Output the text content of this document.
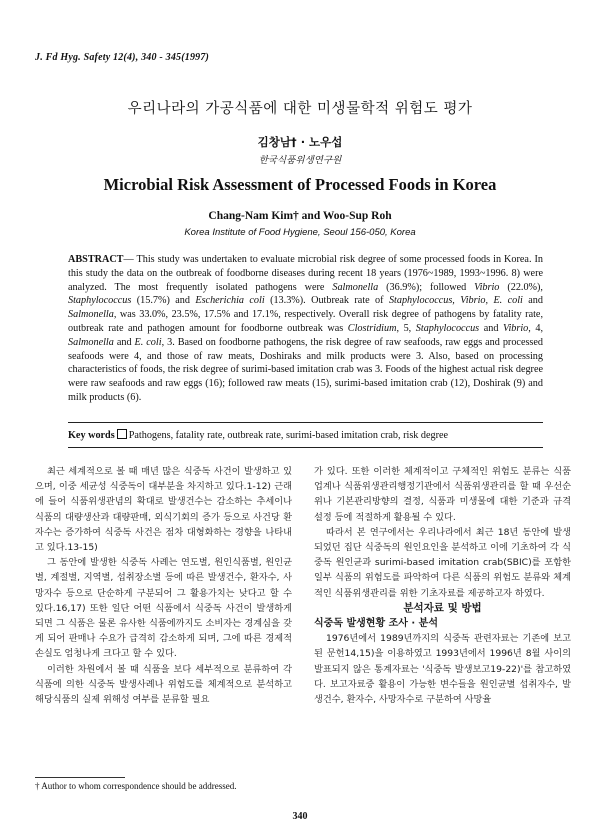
J. Fd Hyg. Safety 12(4), 340 - 345(1997)
우리나라의 가공식품에 대한 미생물학적 위험도 평가
김창남† · 노우섭
한국식품위생연구원
Microbial Risk Assessment of Processed Foods in Korea
Chang-Nam Kim† and Woo-Sup Roh
Korea Institute of Food Hygiene, Seoul 156-050, Korea
ABSTRACT— This study was undertaken to evaluate microbial risk degree of some processed foods in Korea. In this study the data on the outbreak of foodborne diseases during recent 18 years (1976~1989, 1993~1996. 8) were analyzed. The most frequently isolated pathogens were Salmonella (36.9%); followed Vibrio (22.0%), Staphylococcus (15.7%) and Escherichia coli (13.3%). Outbreak rate of Staphylococcus, Vibrio, E. coli and Salmonella, was 33.0%, 23.5%, 17.5% and 17.1%, respectively. Overall risk degree of pathogens by fatality rate, outbreak rate and pathogen amount for foodborne outbreak was Clostridium, 5, Staphylococcus and Vibrio, 4, Salmonella and E. coli, 3. Based on foodborne pathogens, the risk degree of raw seafoods, raw eggs and processed seafoods were 4, and those of raw meats, Doshiraks and milk products were 3. Also, based on processing characteristics of foods, the risk degree of surimi-based imitation crab was 3. Foods of the highest actual risk degree were raw seafoods and raw eggs (16); followed raw meats (15), surimi-based imitation crab (12), Doshirak (9) and milk products (6).
Key words Pathogens, fatality rate, outbreak rate, surimi-based imitation crab, risk degree

최근 세계적으로 볼 때 매년 많은 식중독 사건이 발생하고 있으며, 이중 세균성 식중독이 대부분을 차지하고 있다.1-12) 근래에 들어 식품위생관념의 확대로 발생건수는 감소하는 추세이나 식품의 대량생산과 대량판매, 외식기회의 증가 등으로 사건당 환자수는 증가하여 식중독 사건은 점차 대형화하는 경향을 나타내고 있다.13-15)

그 동안에 발생한 식중독 사례는 연도별, 원인식품별, 원인균별, 계절별, 지역별, 섭취장소별 등에 따른 발생건수, 환자수, 사망자수 등으로 단순하게 구분되어 그 활용가치는 낮다고 할 수 있다.16,17) 또한 일단 어떤 식품에서 식중독 사건이 발생하게 되면 그 식품은 물론 유사한 식품에까지도 소비자는 경계심을 갖게 되어 판매나 수요가 급격히 감소하게 되며, 그에 따른 경제적 손실도 엄청나게 크다고 할 수 있다.

이러한 차원에서 볼 때 식품을 보다 세부적으로 분류하여 각 식품에 의한 식중독 발생사례나 위험도를 체계적으로 분석하고 해당식품의 실제 위해성 여부를 분류할 필요

가 있다. 또한 이러한 체계적이고 구체적인 위험도 분류는 식품업계나 식품위생관리행정기관에서 식품위생관리를 할 때 우선순위나 기본관리방향의 결정, 식품과 미생물에 대한 기준과 규격 설정 등에 적절하게 활용될 수 있다.

따라서 본 연구에서는 우리나라에서 최근 18년 동안에 발생되었던 집단 식중독의 원인요인을 분석하고 이에 기초하여 각 식중독 원인균과 surimi-based imitation crab(SBIC)를 포함한 일부 식품의 위험도를 파악하여 다른 식품의 위험도 분류와 체계적인 식품위생관리를 위한 기초자료를 제공하고자 하였다.

분석자료 및 방법

식중독 발생현황 조사 · 분석

1976년에서 1989년까지의 식중독 관련자료는 기존에 보고된 문헌14,15)을 이용하였고 1993년에서 1996년 8월 사이의 발표되지 않은 통계자료는 '식중독 발생보고19-22)'를 참고하였다. 보고자료중 활용이 가능한 변수들을 원인균별 섭취자수, 발생건수, 환자수, 사망자수로 구분하여 사망율

† Author to whom correspondence should be addressed.
340
